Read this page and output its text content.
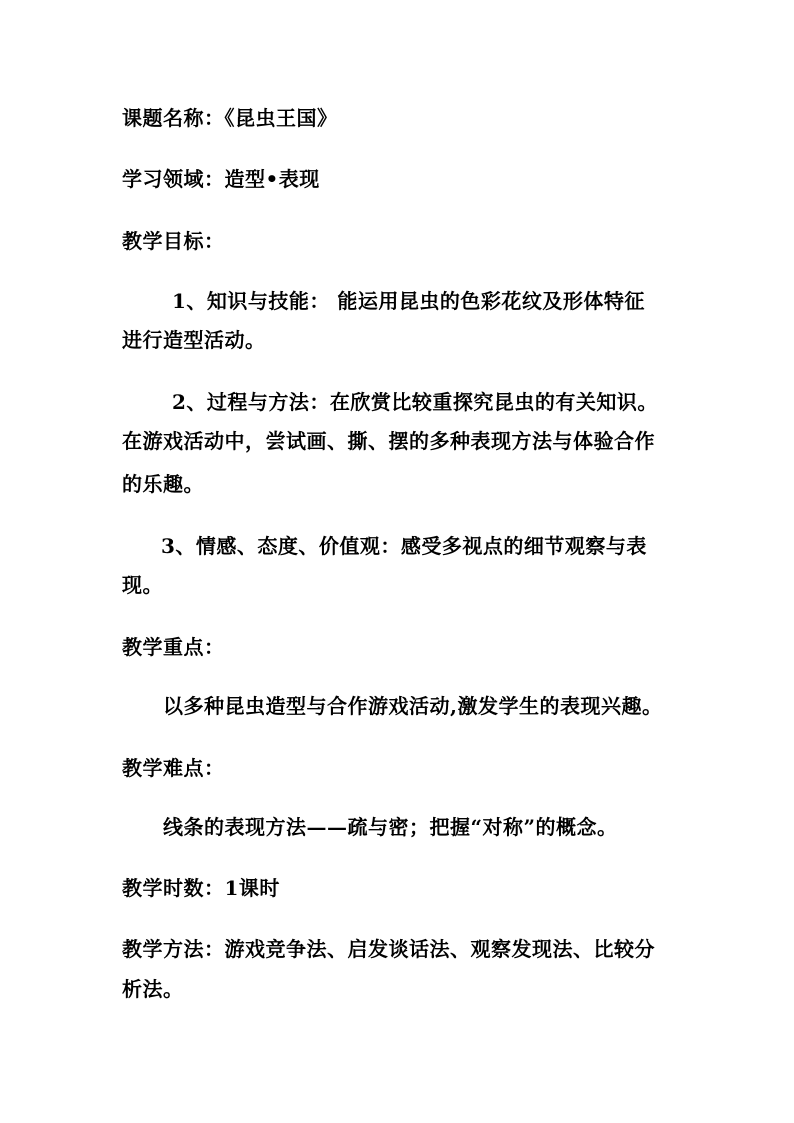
课题名称：《昆虫王国》
学习领域：造型•表现
教学目标：
1、知识与技能： 能运用昆虫的色彩花纹及形体特征
进行造型活动。
2、过程与方法：在欣赏比较重探究昆虫的有关知识。
在游戏活动中，尝试画、撕、摆的多种表现方法与体验合作
的乐趣。
3、情感、态度、价值观：感受多视点的细节观察与表
现。
教学重点：
以多种昆虫造型与合作游戏活动,激发学生的表现兴趣。
教学难点：
线条的表现方法——疏与密；把握“对称”的概念。
教学时数：1课时
教学方法：游戏竞争法、启发谈话法、观察发现法、比较分
析法。
